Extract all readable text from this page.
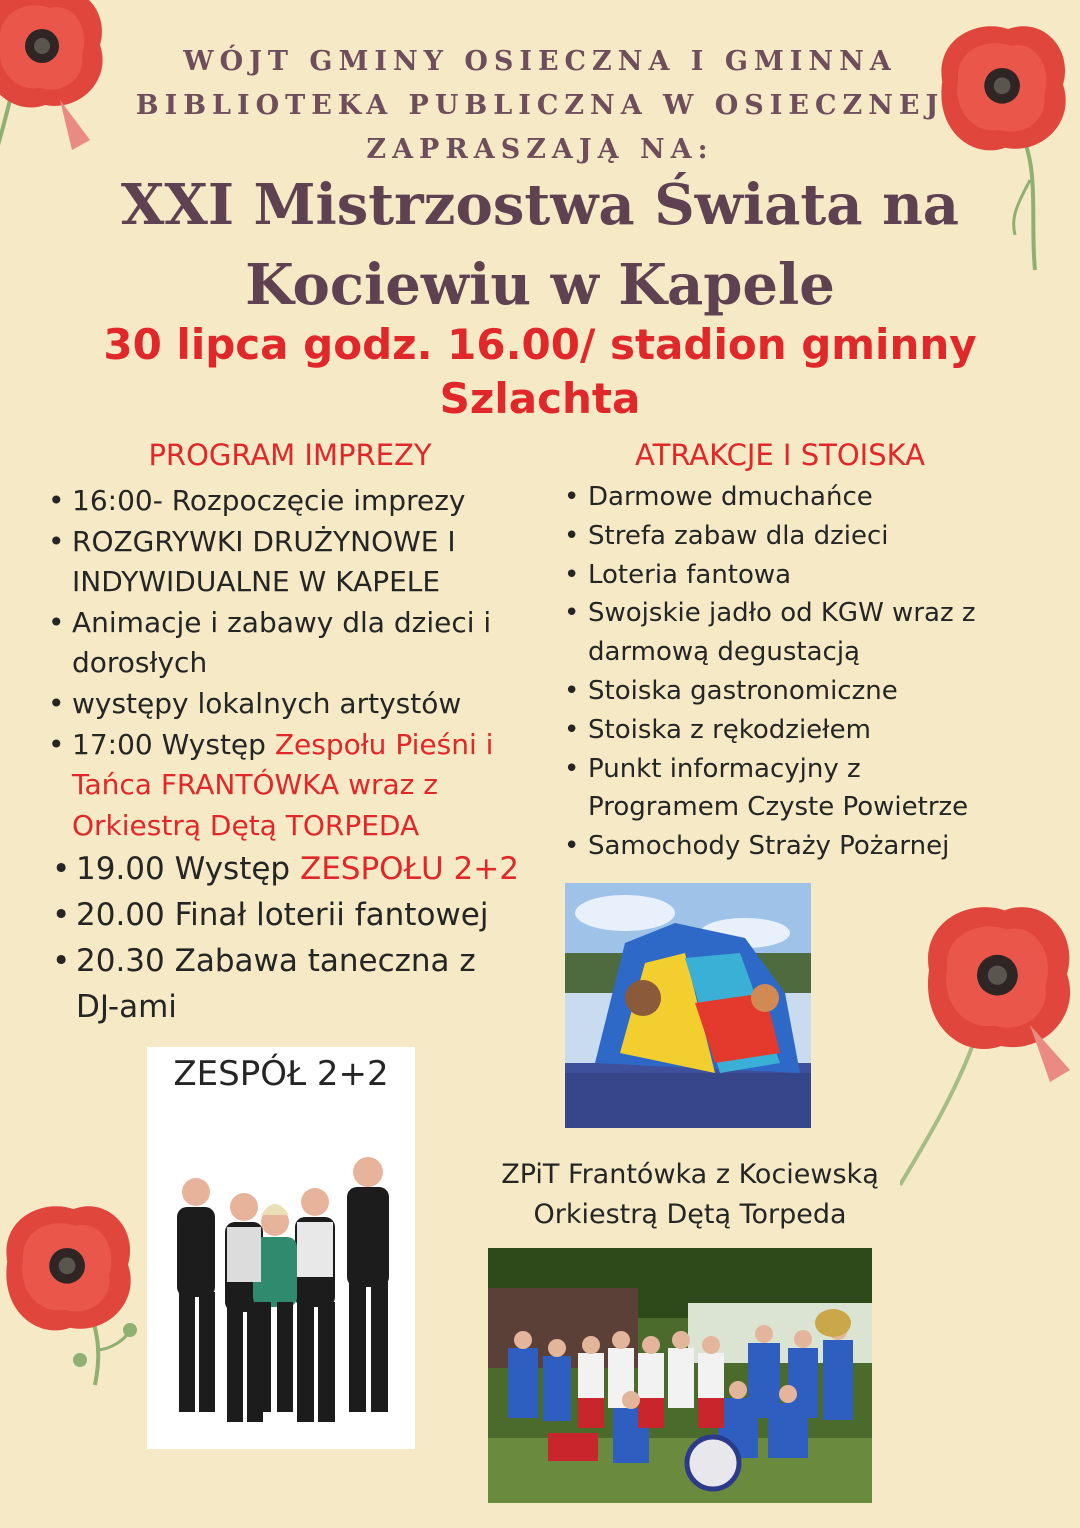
WÓJT GMINY OSIECZNA I GMINNA
BIBLIOTEKA PUBLICZNA W OSIECZNEJ
ZAPRASZAJĄ NA:
XXI Mistrzostwa Świata na
Kociewiu w Kapele
30 lipca godz. 16.00/ stadion gminny
Szlachta
PROGRAM IMPREZY
• 16:00- Rozpoczęcie imprezy
• ROZGRYWKI DRUŻYNOWE I INDYWIDUALNE W KAPELE
• Animacje i zabawy dla dzieci i dorosłych
• występy lokalnych artystów
• 17:00 Występ Zespołu Pieśni i Tańca FRANTÓWKA wraz z Orkiestrą Dętą TORPEDA
• 19.00 Występ ZESPOŁU 2+2
• 20.00 Finał loterii fantowej
• 20.30 Zabawa taneczna z DJ-ami
ATRAKCJE I STOISKA
• Darmowe dmuchańce
• Strefa zabaw dla dzieci
• Loteria fantowa
• Swojskie jadło od KGW wraz z darmową degustacją
• Stoiska gastronomiczne
• Stoiska z rękodziełem
• Punkt informacyjny z Programem Czyste Powietrze
• Samochody Straży Pożarnej
ZESPÓŁ 2+2
ZPiT Frantówka z Kociewską
Orkiestrą Dętą Torpeda
